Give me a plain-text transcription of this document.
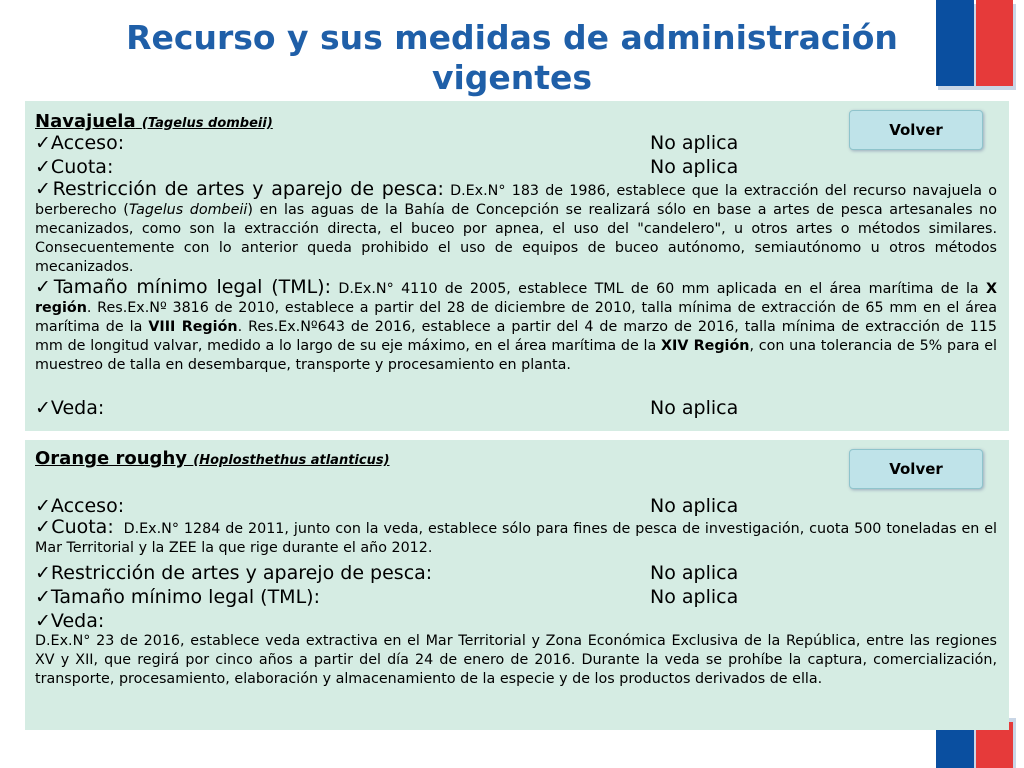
Recurso y sus medidas de administración
vigentes
Navajuela (Tagelus dombeii)	Volver
✓Acceso:	No aplica
✓Cuota:	No aplica
✓Restricción de artes y aparejo de pesca: D.Ex.N° 183 de 1986, establece que la extracción del recurso navajuela o berberecho (Tagelus dombeii) en las aguas de la Bahía de Concepción se realizará sólo en base a artes de pesca artesanales no mecanizados, como son la extracción directa, el buceo por apnea, el uso del "candelero", u otros artes o métodos similares. Consecuentemente con lo anterior queda prohibido el uso de equipos de buceo autónomo, semiautónomo u otros métodos mecanizados.
✓Tamaño mínimo legal (TML): D.Ex.N° 4110 de 2005, establece TML de 60 mm aplicada en el área marítima de la X región. Res.Ex.Nº 3816 de 2010, establece a partir del 28 de diciembre de 2010, talla mínima de extracción de 65 mm en el área marítima de la VIII Región. Res.Ex.Nº643 de 2016, establece a partir del 4 de marzo de 2016, talla mínima de extracción de 115 mm de longitud valvar, medido a lo largo de su eje máximo, en el área marítima de la XIV Región, con una tolerancia de 5% para el muestreo de talla en desembarque, transporte y procesamiento en planta.
✓Veda:	No aplica
Orange roughy (Hoplosthethus atlanticus)	Volver
✓Acceso:	No aplica
✓Cuota: D.Ex.N° 1284 de 2011, junto con la veda, establece sólo para fines de pesca de investigación, cuota 500 toneladas en el Mar Territorial y la ZEE la que rige durante el año 2012.
✓Restricción de artes y aparejo de pesca:	No aplica
✓Tamaño mínimo legal (TML):	No aplica
✓Veda:
D.Ex.N° 23 de 2016, establece veda extractiva en el Mar Territorial y Zona Económica Exclusiva de la República, entre las regiones XV y XII, que regirá por cinco años a partir del día 24 de enero de 2016. Durante la veda se prohíbe la captura, comercialización, transporte, procesamiento, elaboración y almacenamiento de la especie y de los productos derivados de ella.
